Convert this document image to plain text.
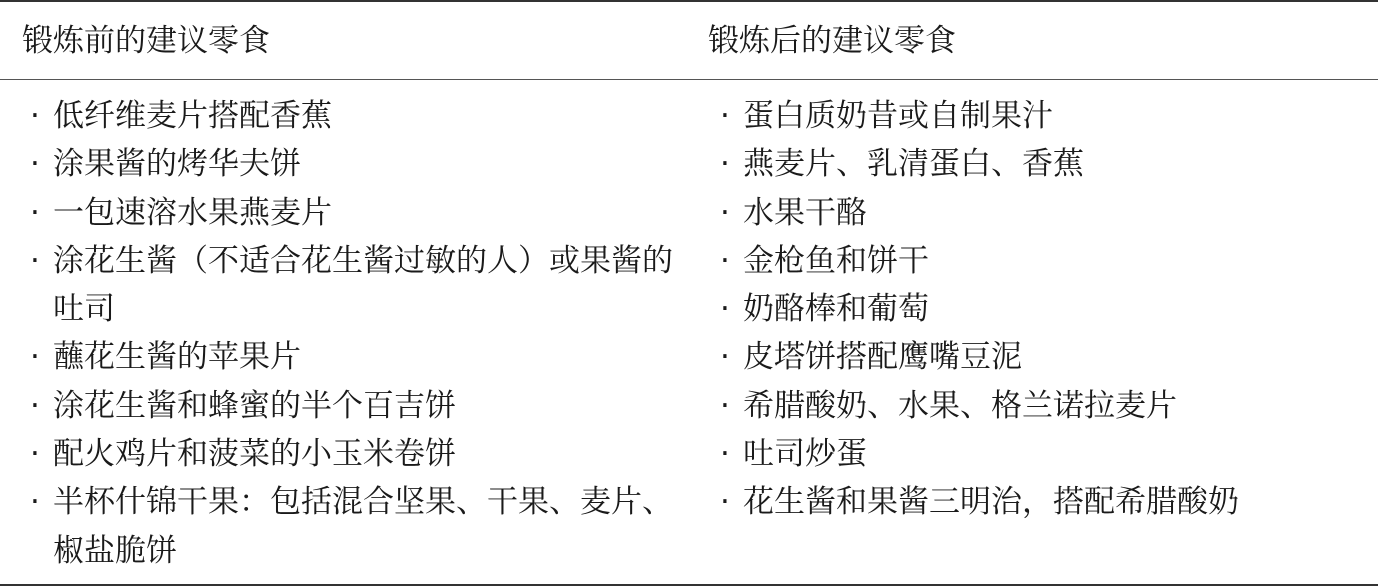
锻炼前的建议零食	锻炼后的建议零食
· 低纤维麦片搭配香蕉
· 涂果酱的烤华夫饼
· 一包速溶水果燕麦片
· 涂花生酱（不适合花生酱过敏的人）或果酱的吐司
· 蘸花生酱的苹果片
· 涂花生酱和蜂蜜的半个百吉饼
· 配火鸡片和菠菜的小玉米卷饼
· 半杯什锦干果：包括混合坚果、干果、麦片、椒盐脆饼
· 蛋白质奶昔或自制果汁
· 燕麦片、乳清蛋白、香蕉
· 水果干酪
· 金枪鱼和饼干
· 奶酪棒和葡萄
· 皮塔饼搭配鹰嘴豆泥
· 希腊酸奶、水果、格兰诺拉麦片
· 吐司炒蛋
· 花生酱和果酱三明治，搭配希腊酸奶
